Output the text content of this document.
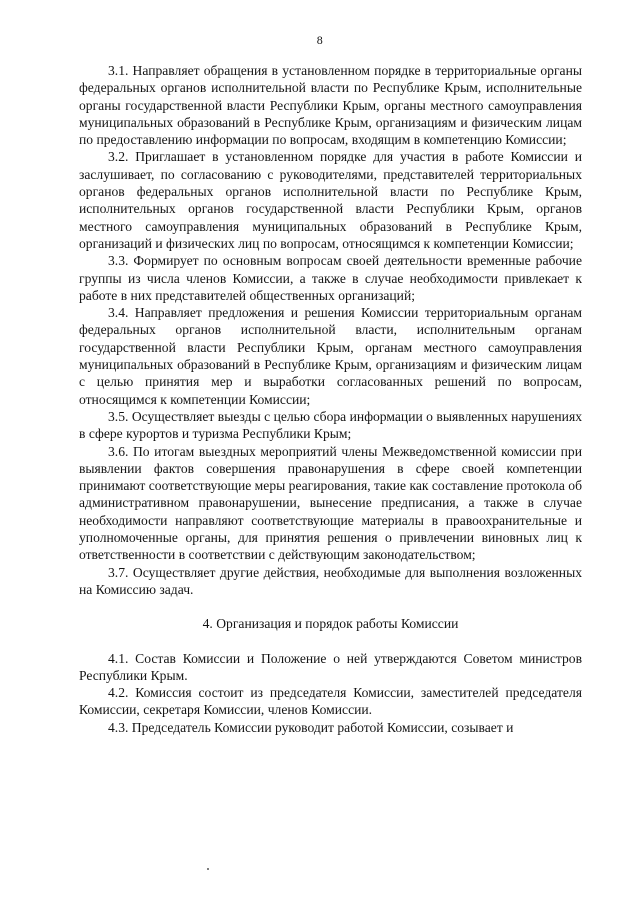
8

3.1. Направляет обращения в установленном порядке в территориальные органы федеральных органов исполнительной власти по Республике Крым, исполнительные органы государственной власти Республики Крым, органы местного самоуправления муниципальных образований в Республике Крым, организациям и физическим лицам по предоставлению информации по вопросам, входящим в компетенцию Комиссии;

3.2. Приглашает в установленном порядке для участия в работе Комиссии и заслушивает, по согласованию с руководителями, представителей территориальных органов федеральных органов исполнительной власти по Республике Крым, исполнительных органов государственной власти Республики Крым, органов местного самоуправления муниципальных образований в Республике Крым, организаций и физических лиц по вопросам, относящимся к компетенции Комиссии;

3.3. Формирует по основным вопросам своей деятельности временные рабочие группы из числа членов Комиссии, а также в случае необходимости привлекает к работе в них представителей общественных организаций;

3.4. Направляет предложения и решения Комиссии территориальным органам федеральных органов исполнительной власти, исполнительным органам государственной власти Республики Крым, органам местного самоуправления муниципальных образований в Республике Крым, организациям и физическим лицам с целью принятия мер и выработки согласованных решений по вопросам, относящимся к компетенции Комиссии;

3.5. Осуществляет выезды с целью сбора информации о выявленных нарушениях в сфере курортов и туризма Республики Крым;

3.6. По итогам выездных мероприятий члены Межведомственной комиссии при выявлении фактов совершения правонарушения в сфере своей компетенции принимают соответствующие меры реагирования, такие как составление протокола об административном правонарушении, вынесение предписания, а также в случае необходимости направляют соответствующие материалы в правоохранительные и уполномоченные органы, для принятия решения о привлечении виновных лиц к ответственности в соответствии с действующим законодательством;

3.7. Осуществляет другие действия, необходимые для выполнения возложенных на Комиссию задач.

4. Организация и порядок работы Комиссии

4.1. Состав Комиссии и Положение о ней утверждаются Советом министров Республики Крым.

4.2. Комиссия состоит из председателя Комиссии, заместителей председателя Комиссии, секретаря Комиссии, членов Комиссии.

4.3. Председатель Комиссии руководит работой Комиссии, созывает и
